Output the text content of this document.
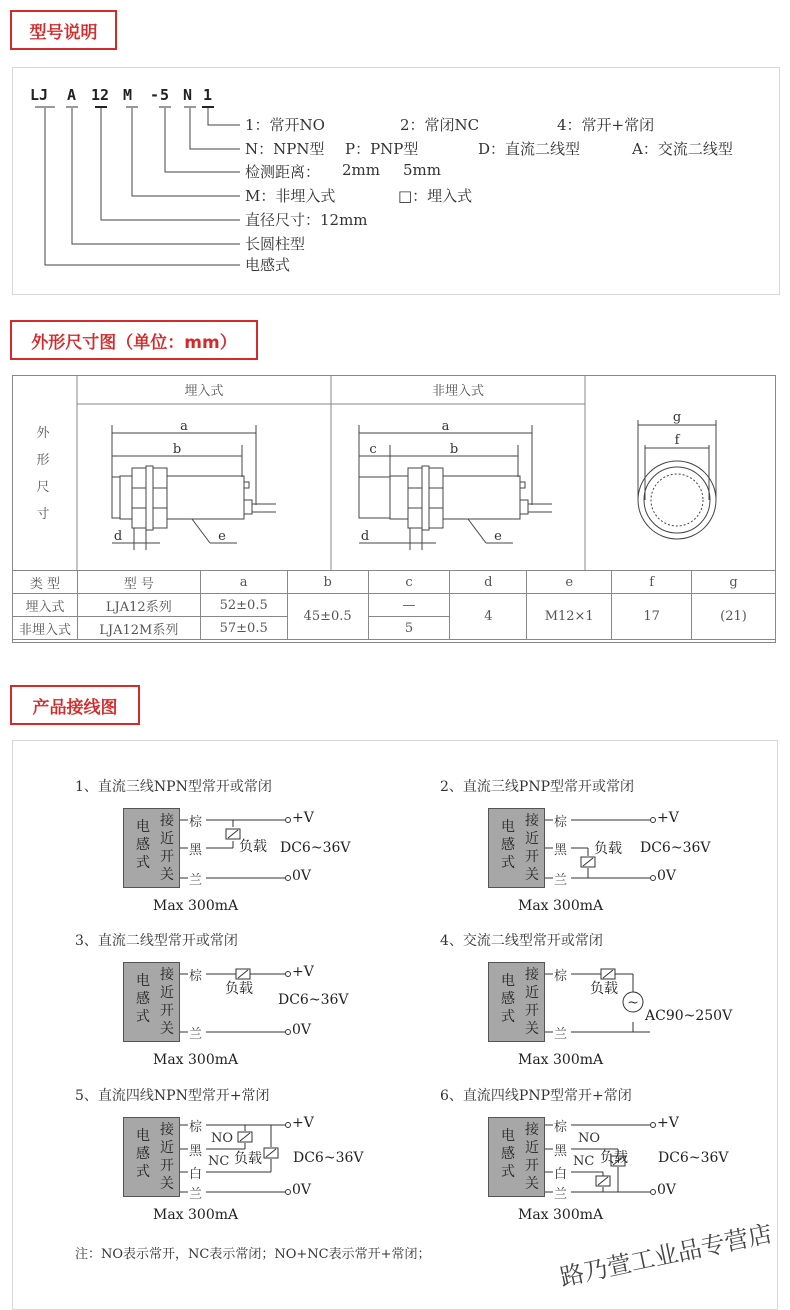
型号说明
LJ A 12 M - 5 N 1
1：常开NO	2：常闭NC	4：常开+常闭
N：NPN型 P：PNP型	D：直流二线型	A：交流二线型
检测距离： 2mm 5mm
M：非埋入式	□：埋入式
直径尺寸：12mm
长圆柱型
电感式
外形尺寸图（单位：mm）
a
b
d	e
a
b
c
d	e
g
f
埋入式	非埋入式
外
形
尺
寸
类 型	型 号	a	b	c	d	e	f	g
埋入式	LJA12系列	52±0.5	45±0.5	—	4	M12×1	17	(21)
非埋入式	LJA12M系列	57±0.5		5				
产品接线图
1、直流三线NPN型常开或常闭
电 接
感 近
式 开
关
棕
黑
兰
+V
0V
Max 300mA
负载 DC6~36V
2、直流三线PNP型常开或常闭
电 接
感 近
式 开
关
棕
黑
兰
+V
0V
Max 300mA
负载 DC6~36V
3、直流二线型常开或常闭
电 接
感 近
式 开
关
棕
兰
+V
0V
Max 300mA
负载
DC6~36V
4、交流二线型常开或常闭
电 接
感 近
式 开
关
~
棕
兰
Max 300mA
负载
AC90~250V
5、直流四线NPN型常开+常闭
电 接
感 近
式 开
关
棕
黑
白
兰
+V
0V
Max 300mA
NO
NC 负载 DC6~36V
6、直流四线PNP型常开+常闭
电 接
感 近
式 开
关
棕
黑
白
兰
+V
0V
Max 300mA
NO
NC 负载 DC6~36V
注：NO表示常开，NC表示常闭；NO+NC表示常开+常闭；	路乃萱工业品专营店
